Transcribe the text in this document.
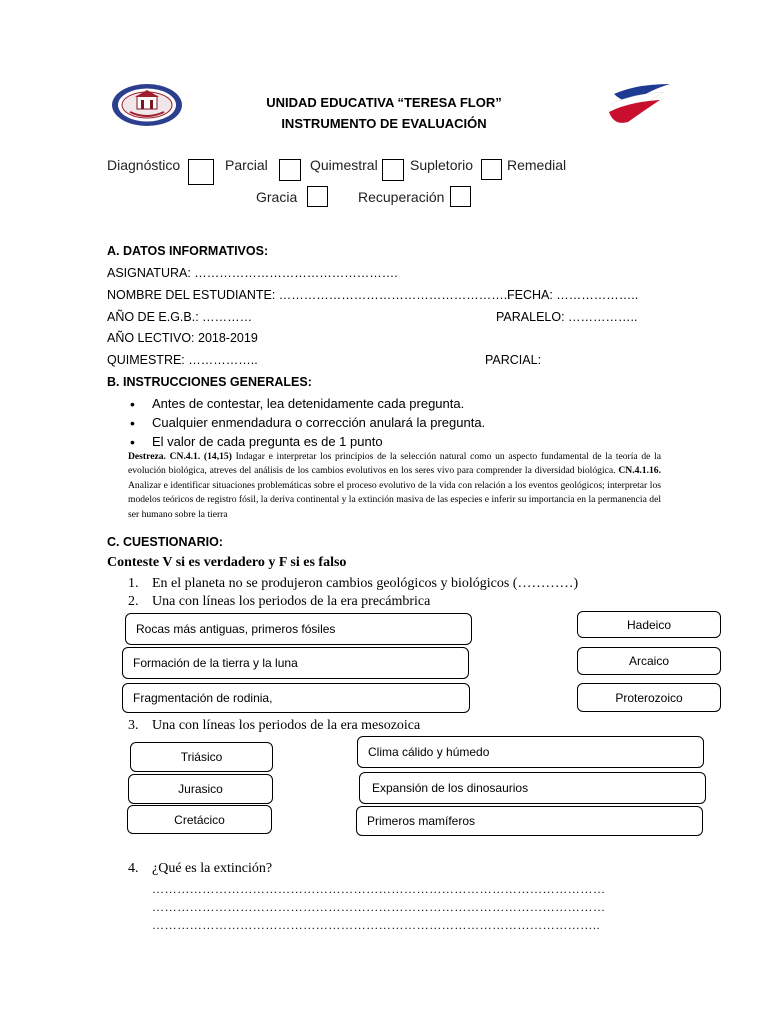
UNIDAD EDUCATIVA “TERESA FLOR”
INSTRUMENTO DE EVALUACIÓN
Diagnóstico	Parcial	Quimestral Supletorio Remedial
Gracia	Recuperación
A. DATOS INFORMATIVOS:
ASIGNATURA: ………………………………………….
NOMBRE DEL ESTUDIANTE: ………………………………………………..
FECHA: ………………..
AÑO DE E.G.B.: …………	PARALELO: ……………..
AÑO LECTIVO: 2018-2019
QUIMESTRE: ……………..	PARCIAL:
B. INSTRUCCIONES GENERALES:
• Antes de contestar, lea detenidamente cada pregunta.
• Cualquier enmendadura o corrección anulará la pregunta.
• El valor de cada pregunta es de 1 punto
Destreza. CN.4.1. (14,15) Indagar e interpretar los principios de la selección natural como un aspecto fundamental de la teoría de la evolución biológica, atreves del análisis de los cambios evolutivos en los seres vivo para comprender la diversidad biológica. CN.4.1.16. Analizar e identificar situaciones problemáticas sobre el proceso evolutivo de la vida con relación a los eventos geológicos; interpretar los modelos teóricos de registro fósil, la deriva continental y la extinción masiva de las especies e inferir su importancia en la permanencia del ser humano sobre la tierra
C. CUESTIONARIO:
Conteste V si es verdadero y F si es falso
1. En el planeta no se produjeron cambios geológicos y biológicos (…………)
2. Una con líneas los periodos de la era precámbrica
Rocas más antiguas, primeros fósiles
Formación de la tierra y la luna
Fragmentación de rodinia,
Hadeico
Arcaico
Proterozoico
3. Una con líneas los periodos de la era mesozoica
Triásico
Jurasico
Cretácico
Clima cálido y húmedo
Expansión de los dinosaurios
Primeros mamíferos
4. ¿Qué es la extinción?
………………………………………………………………………………………………
………………………………………………………………………………………………
……………………………………………………………………………………………..
